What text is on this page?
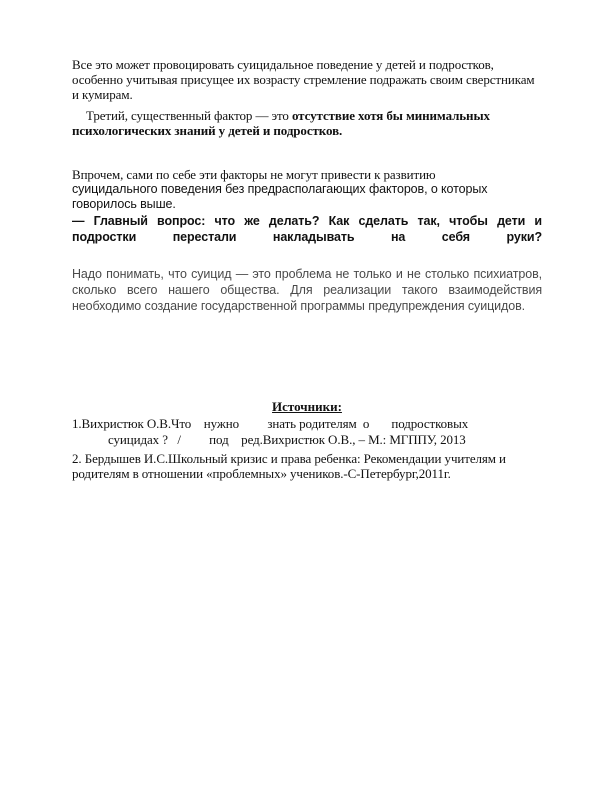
Все это может провоцировать суицидальное поведение у детей и подростков, особенно учитывая присущее их возрасту стремление подражать своим сверстникам и кумирам.

Третий, существенный фактор — это отсутствие хотя бы минимальных психологических знаний у детей и подростков.

Впрочем, сами по себе эти факторы не могут привести к развитию
суицидального поведения без предрасполагающих факторов, о которых говорилось выше.

— Главный вопрос: что же делать? Как сделать так, чтобы дети и подростки перестали накладывать на себя руки?

Надо понимать, что суицид — это проблема не только и не столько психиатров, сколько всего нашего общества. Для реализации такого взаимодействия необходимо создание государственной программы предупреждения суицидов.

Источники:

1.Вихристюк О.В.Что    нужно         знать родителям  о       подростковых
суицидах ?   /         под    ред.Вихристюк О.В., – М.: МГППУ, 2013

2. Бердышев И.С.Школьный кризис и права ребенка: Рекомендации учителям и родителям в отношении «проблемных» учеников.-С-Петербург,2011г.
